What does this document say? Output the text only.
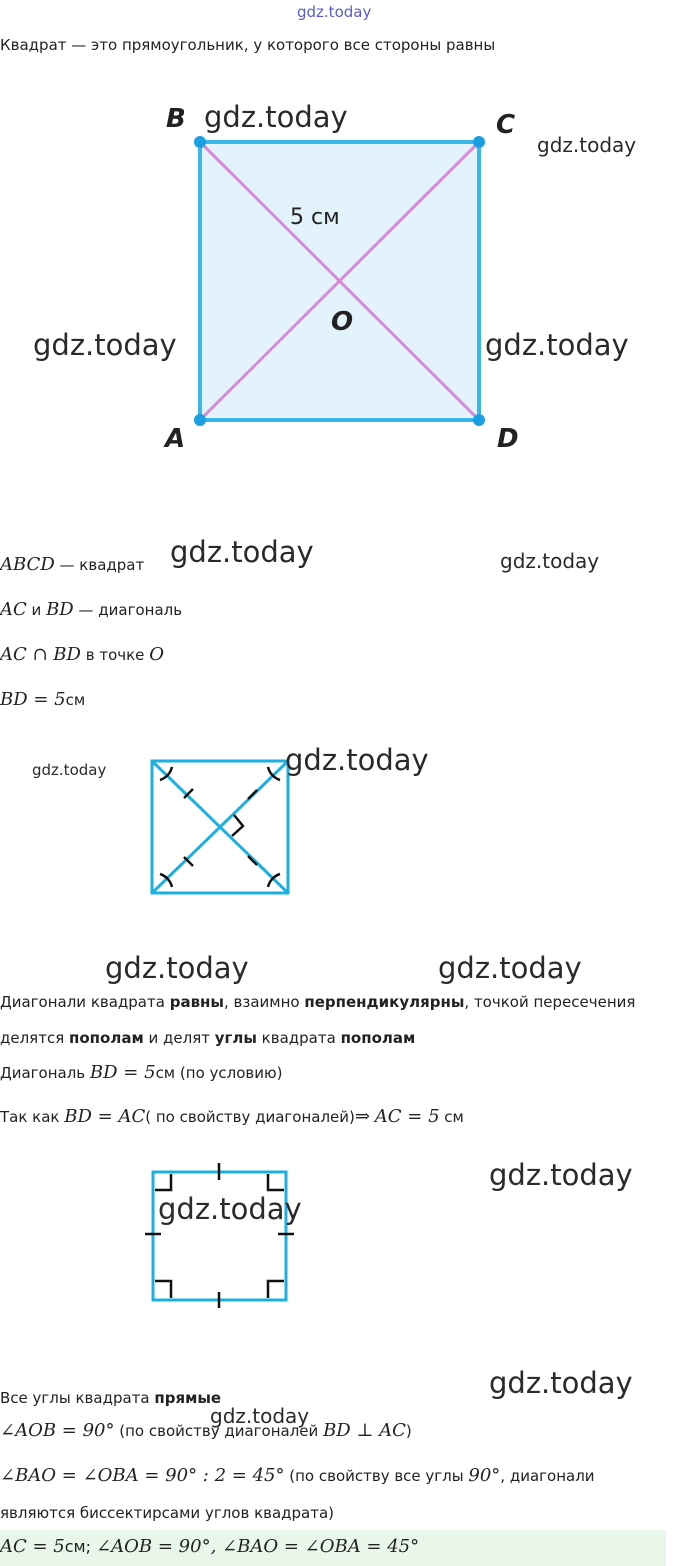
gdz.today
Квадрат — это прямоугольник, у которого все стороны равны
B	C
A	D
O
5 см
gdz.today
gdz.today
gdz.today	gdz.today
ABCD — квадрат gdz.today	gdz.today
AC и BD — диагональ
AC ∩ BD в точке O
BD = 5см
gdz.today	gdz.today
gdz.today	gdz.today
Диагонали квадрата равны, взаимно перпендикулярны, точкой пересечения
делятся пополам и делят углы квадрата пополам
Диагональ BD = 5см (по условию)
Так как BD = AC( по свойству диагоналей)⇒ AC = 5 см
gdz.today
gdz.today
gdz.today
Все углы квадрата прямые
gdz.today
∠AOB = 90° (по свойству диагоналей BD ⊥ AC)
∠BAO = ∠OBA = 90° : 2 = 45° (по свойству все углы 90°, диагонали
являются биссектирсами углов квадрата)
AC = 5см; ∠AOB = 90°, ∠BAO = ∠OBA = 45°
